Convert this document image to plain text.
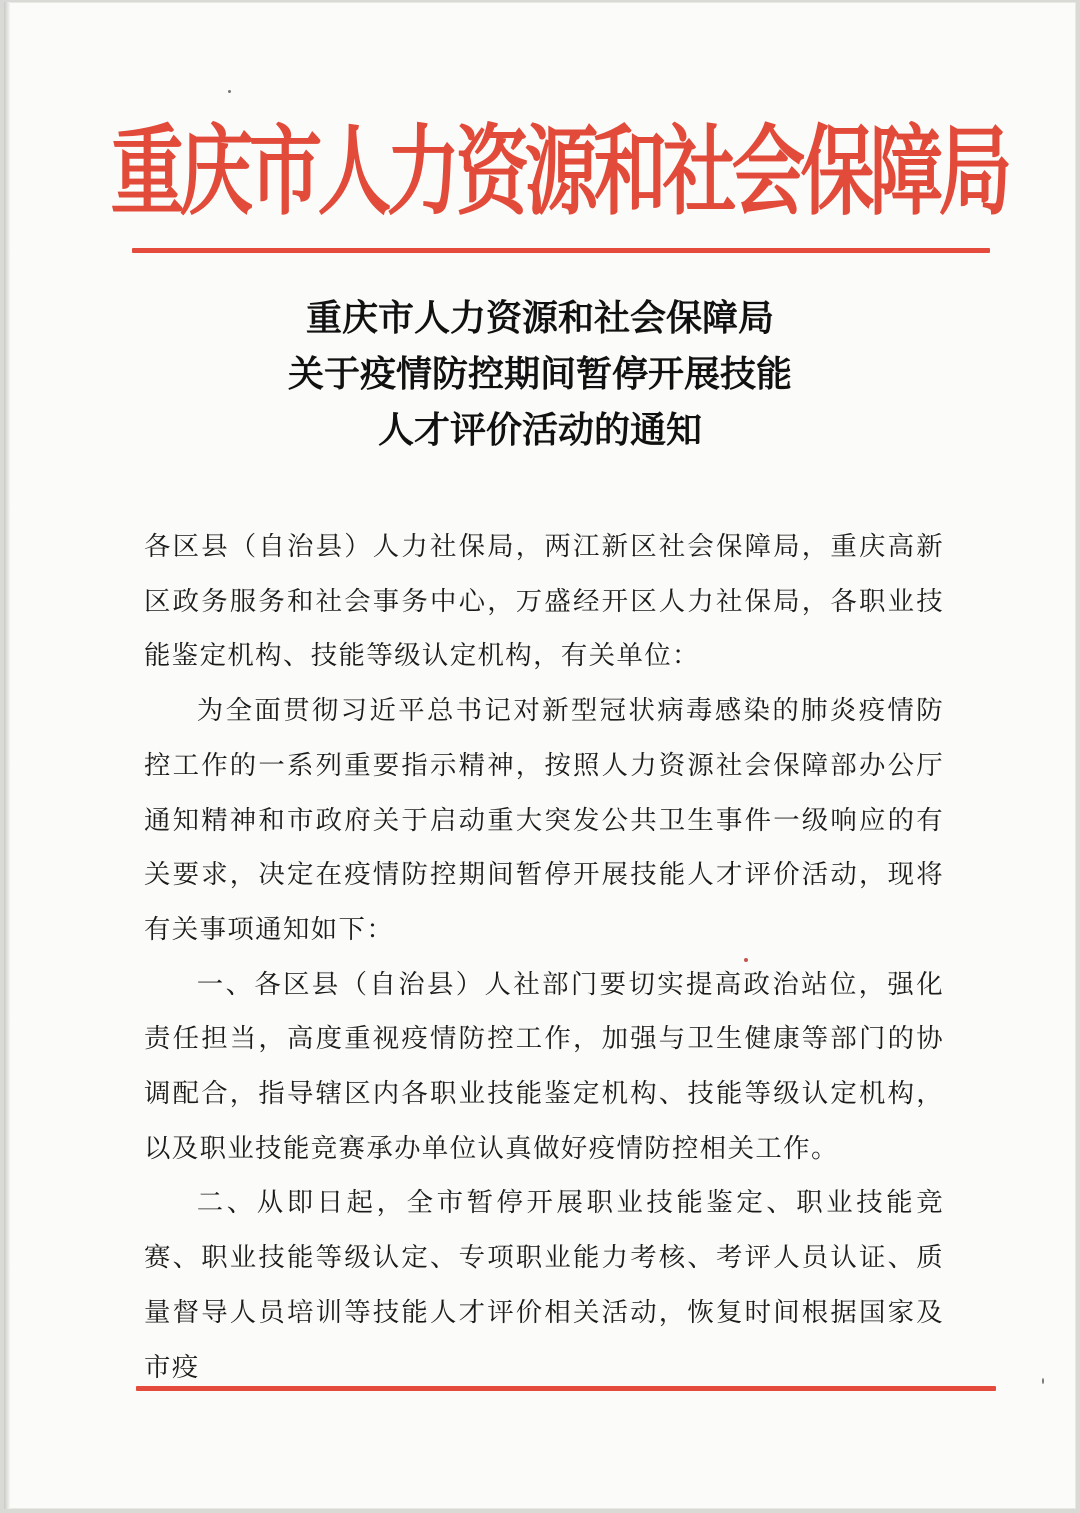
重庆市人力资源和社会保障局
重庆市人力资源和社会保障局
关于疫情防控期间暂停开展技能
人才评价活动的通知

各区县（自治县）人力社保局，两江新区社会保障局，重庆高新区政务服务和社会事务中心，万盛经开区人力社保局，各职业技能鉴定机构、技能等级认定机构，有关单位：

为全面贯彻习近平总书记对新型冠状病毒感染的肺炎疫情防控工作的一系列重要指示精神，按照人力资源社会保障部办公厅通知精神和市政府关于启动重大突发公共卫生事件一级响应的有关要求，决定在疫情防控期间暂停开展技能人才评价活动，现将有关事项通知如下：

一、各区县（自治县）人社部门要切实提高政治站位，强化责任担当，高度重视疫情防控工作，加强与卫生健康等部门的协调配合，指导辖区内各职业技能鉴定机构、技能等级认定机构，以及职业技能竞赛承办单位认真做好疫情防控相关工作。

二、从即日起，全市暂停开展职业技能鉴定、职业技能竞赛、职业技能等级认定、专项职业能力考核、考评人员认证、质量督导人员培训等技能人才评价相关活动，恢复时间根据国家及市疫
